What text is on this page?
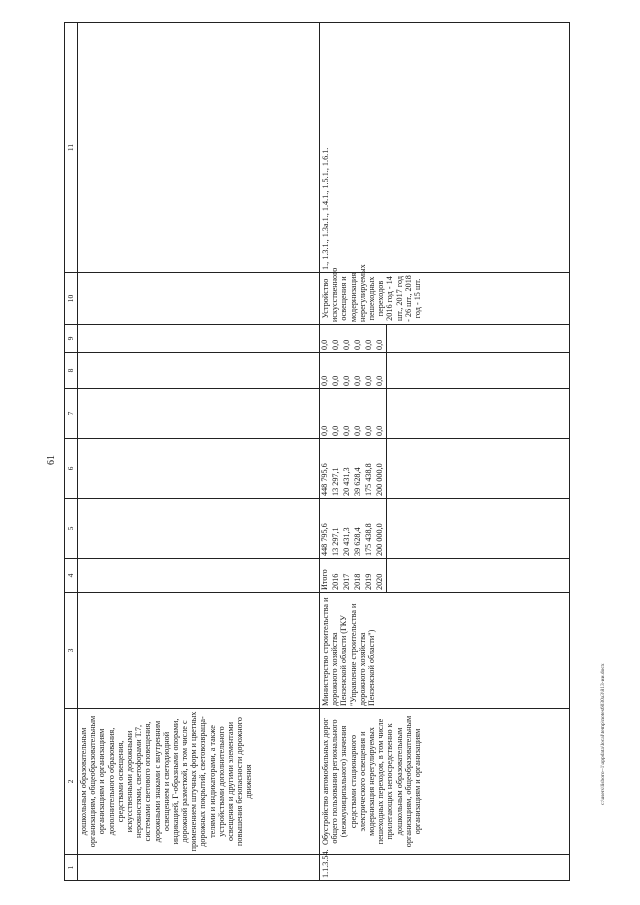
61
1	2	3	4	5	6	7	8	9	10	11
	дошкольным образовательным организациям, общеобразовательным организациям и организациям дополнительного образования, средствами освещения, искусственными дорожными неровностями, светофорами Т.7, системами светового оповещения, дорожными знаками с внутренним освещением и светодиодной индикацией, Г-образными опорами, дорожной разметкой, в том числе с применением штучных форм и цветных дорожных покрытий, световозвращателями и индикаторами, а также устройствами дополнительного освещения и другими элементами повышения безопасности дорожного движения									
1.1.3.54.	Обустройство автомобильных дорог общего пользования регионального (межмуниципального) значения средствами стационарного электрического освещения и модернизация нерегулируемых пешеходных переходов, в том числе прилегающих непосредственно к дошкольным образовательным организациям, общеобразовательным организациям и организациям	Министерство строительства и дорожного хозяйства Пензенской области (ГКУ "Управление строительства и дорожного хозяйства Пензенской области")	Итого	448 795,6	448 795,6	0,0	0,0	0,0	Устройство искусственного освещения и модернизация нерегулируемых пешеходных переходов 2016 год - 14 шт., 2017 год - 26 шт., 2018 год - 15 шт.	1., 1.3.1., 1.3а.1., 1.4.1., 1.5.1., 1.6.1.
			2016	13 297,1	13 297,1	0,0	0,0	0,0		
			2017	20 431,3	20 431,3	0,0	0,0	0,0		
			2018	39 628,4	39 628,4	0,0	0,0	0,0		
			2019	175 438,8	175 438,8	0,0	0,0	0,0		
			2020	200 000,0	200 000,0	0,0	0,0	0,0		

c:\users\lisboro~1\appdata\local\temp\notes6030a3\813-ии.docx
